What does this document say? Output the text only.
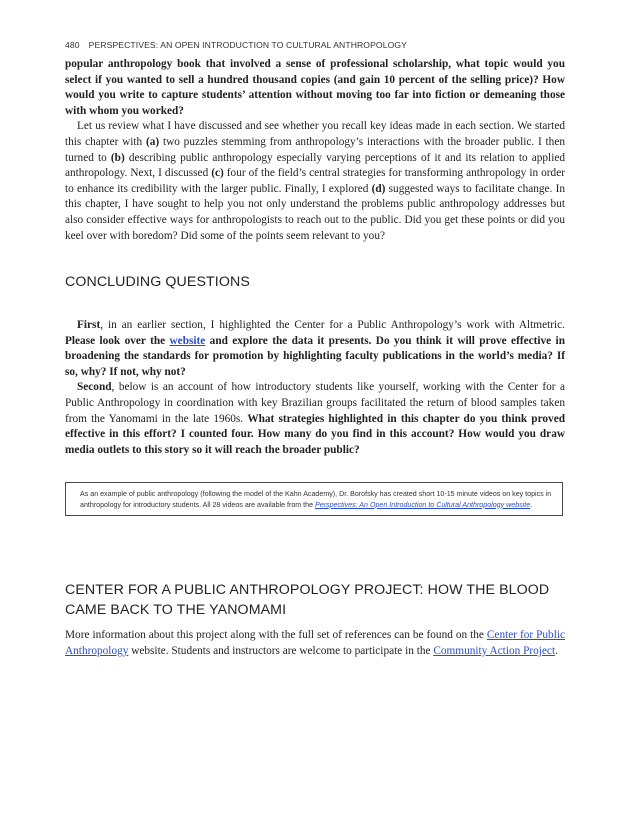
480 PERSPECTIVES: AN OPEN INTRODUCTION TO CULTURAL ANTHROPOLOGY

popular anthropology book that involved a sense of professional scholarship, what topic would you select if you wanted to sell a hundred thousand copies (and gain 10 percent of the selling price)? How would you write to capture students’ attention without moving too far into fiction or demeaning those with whom you worked?

Let us review what I have discussed and see whether you recall key ideas made in each section. We started this chapter with (a) two puzzles stemming from anthropology’s interactions with the broader public. I then turned to (b) describing public anthropology especially varying perceptions of it and its relation to applied anthropology. Next, I discussed (c) four of the field’s central strategies for transforming anthropology in order to enhance its credibility with the larger public. Finally, I explored (d) suggested ways to facilitate change. In this chapter, I have sought to help you not only understand the problems public anthropology addresses but also consider effective ways for anthropologists to reach out to the public. Did you get these points or did you keel over with boredom? Did some of the points seem relevant to you?

CONCLUDING QUESTIONS

First, in an earlier section, I highlighted the Center for a Public Anthropology’s work with Altmetric. Please look over the website and explore the data it presents. Do you think it will prove effective in broadening the standards for promotion by highlighting faculty publications in the world’s media? If so, why? If not, why not?

Second, below is an account of how introductory students like yourself, working with the Center for a Public Anthropology in coordination with key Brazilian groups facilitated the return of blood samples taken from the Yanomami in the late 1960s. What strategies highlighted in this chapter do you think proved effective in this effort? I counted four. How many do you find in this account? How would you draw media outlets to this story so it will reach the broader public?

As an example of public anthropology (following the model of the Kahn Academy), Dr. Borofsky has created short 10-15 minute videos on key topics in anthropology for introductory students. All 28 videos are available from the Perspectives: An Open Introduction to Cultural Anthropology website.
CENTER FOR A PUBLIC ANTHROPOLOGY PROJECT: HOW THE BLOOD CAME BACK TO THE YANOMAMI

More information about this project along with the full set of references can be found on the Center for Public Anthropology website. Students and instructors are welcome to participate in the Community Action Project.
